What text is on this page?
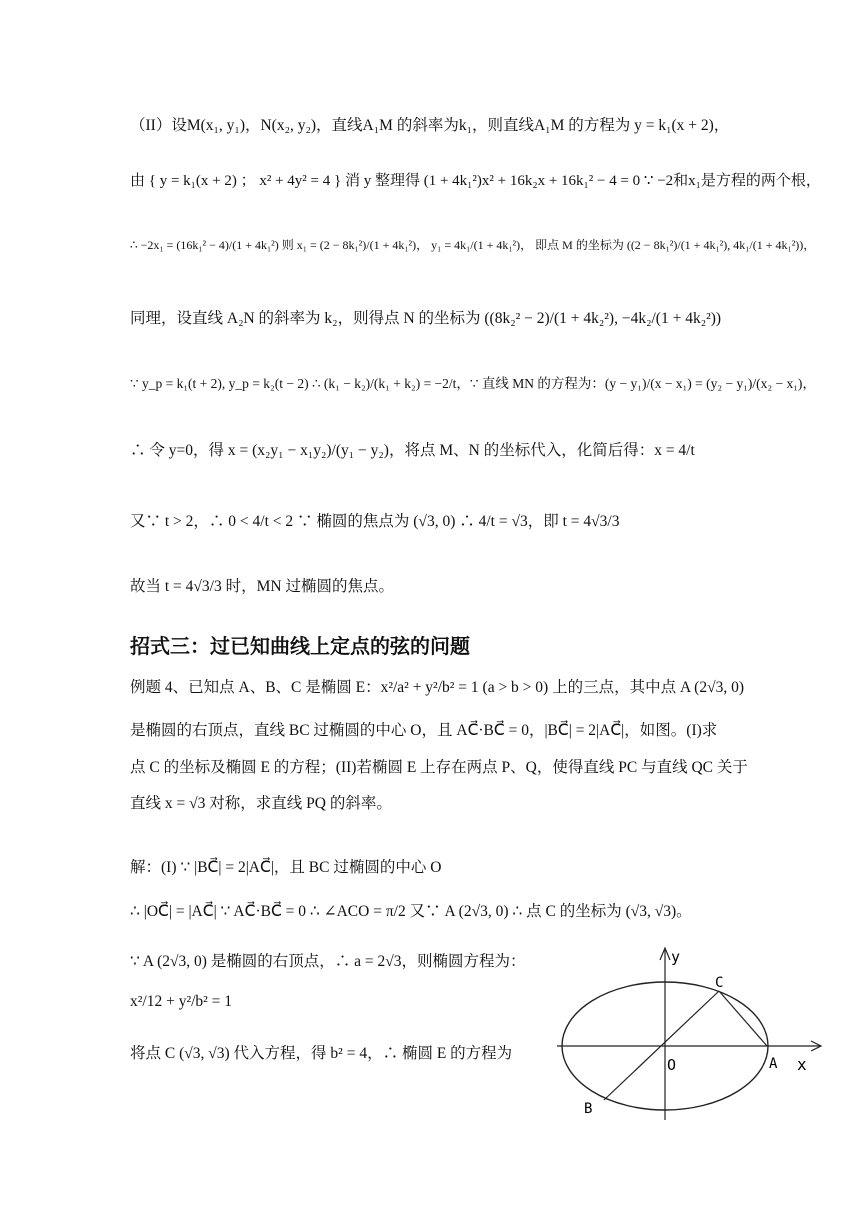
（II）设M(x₁, y₁)，N(x₂, y₂)，直线A₁M 的斜率为k₁，则直线A₁M 的方程为 y = k₁(x + 2)，
由 { y = k₁(x + 2) ； x² + 4y² = 4 } 消 y 整理得 (1 + 4k₁²)x² + 16k₂x + 16k₁² − 4 = 0 ∵ −2和x₁是方程的两个根，
∴ −2x₁ = (16k₁² − 4)/(1 + 4k₁²) 则 x₁ = (2 − 8k₁²)/(1 + 4k₁²)， y₁ = 4k₁/(1 + 4k₁²)， 即点 M 的坐标为 ((2 − 8k₁²)/(1 + 4k₁²), 4k₁/(1 + 4k₁²))，
同理，设直线 A₂N 的斜率为 k₂，则得点 N 的坐标为 ((8k₂² − 2)/(1 + 4k₂²), −4k₂/(1 + 4k₂²))
∵ y_p = k₁(t + 2), y_p = k₂(t − 2) ∴ (k₁ − k₂)/(k₁ + k₂) = −2/t，∵ 直线 MN 的方程为：(y − y₁)/(x − x₁) = (y₂ − y₁)/(x₂ − x₁)，
∴ 令 y=0，得 x = (x₂y₁ − x₁y₂)/(y₁ − y₂)，将点 M、N 的坐标代入，化简后得：x = 4/t
又∵ t > 2，∴ 0 < 4/t < 2 ∵ 椭圆的焦点为 (√3, 0) ∴ 4/t = √3，即 t = 4√3/3
故当 t = 4√3/3 时，MN 过椭圆的焦点。
招式三：过已知曲线上定点的弦的问题
例题 4、已知点 A、B、C 是椭圆 E：x²/a² + y²/b² = 1 (a > b > 0) 上的三点，其中点 A (2√3, 0)
是椭圆的右顶点，直线 BC 过椭圆的中心 O，且 AC⃗·BC⃗ = 0，|BC⃗| = 2|AC⃗|，如图。(I)求
点 C 的坐标及椭圆 E 的方程；(II)若椭圆 E 上存在两点 P、Q，使得直线 PC 与直线 QC 关于
直线 x = √3 对称，求直线 PQ 的斜率。
解：(I) ∵ |BC⃗| = 2|AC⃗|，且 BC 过椭圆的中心 O
∴ |OC⃗| = |AC⃗| ∵ AC⃗·BC⃗ = 0 ∴ ∠ACO = π/2 又∵ A (2√3, 0) ∴ 点 C 的坐标为 (√3, √3)。
∵ A (2√3, 0) 是椭圆的右顶点，∴ a = 2√3，则椭圆方程为：
x²/12 + y²/b² = 1
将点 C (√3, √3) 代入方程，得 b² = 4，∴ 椭圆 E 的方程为
y
C
O	A x
B
